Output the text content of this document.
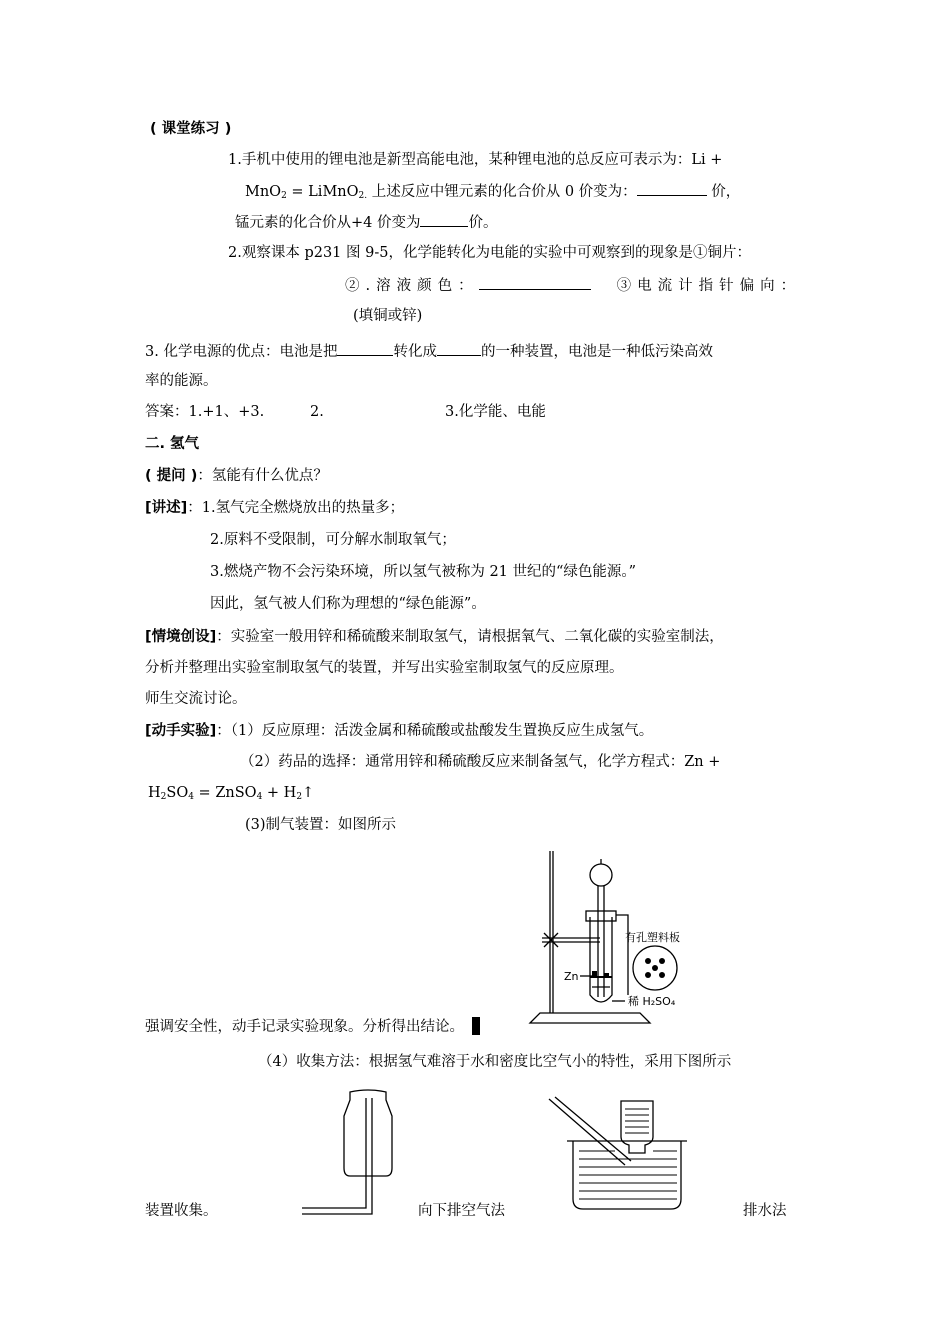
( 课堂练习 )
1.手机中使用的锂电池是新型高能电池，某种锂电池的总反应可表示为：Li +
MnO$_2$ = LiMnO$_{2.}$ 上述反应中锂元素的化合价从 0 价变为：	价，
锰元素的化合价从+4 价变为	价。
2.观察课本 p231 图 9-5，化学能转化为电能的实验中可观察到的现象是①铜片：
②.溶液颜色：	③电流计指针偏向：
(填铜或锌)
3. 化学电源的优点：电池是把	转化成	的一种装置，电池是一种低污染高效
率的能源。
答案：1.+1、+3.	2.	3.化学能、电能
二. 氢气
( 提问 )：氢能有什么优点？
[讲述]：1.氢气完全燃烧放出的热量多；
2.原料不受限制，可分解水制取氧气；
3.燃烧产物不会污染环境，所以氢气被称为 21 世纪的“绿色能源。”
因此，氢气被人们称为理想的“绿色能源”。
[情境创设]：实验室一般用锌和稀硫酸来制取氢气，请根据氧气、二氧化碳的实验室制法，
分析并整理出实验室制取氢气的装置，并写出实验室制取氢气的反应原理。
师生交流讨论。
[动手实验]：（1）反应原理：活泼金属和稀硫酸或盐酸发生置换反应生成氢气。
（2）药品的选择：通常用锌和稀硫酸反应来制备氢气，化学方程式：Zn +
$H_2SO_4$ = ZnSO$_4$ + $H_2↑$
(3)制气装置：如图所示
有孔塑料板
Zn
稀 H₂SO₄
强调安全性，动手记录实验现象。分析得出结论。
（4）收集方法：根据氢气难溶于水和密度比空气小的特性，采用下图所示
装置收集。	向下排空气法	排水法
